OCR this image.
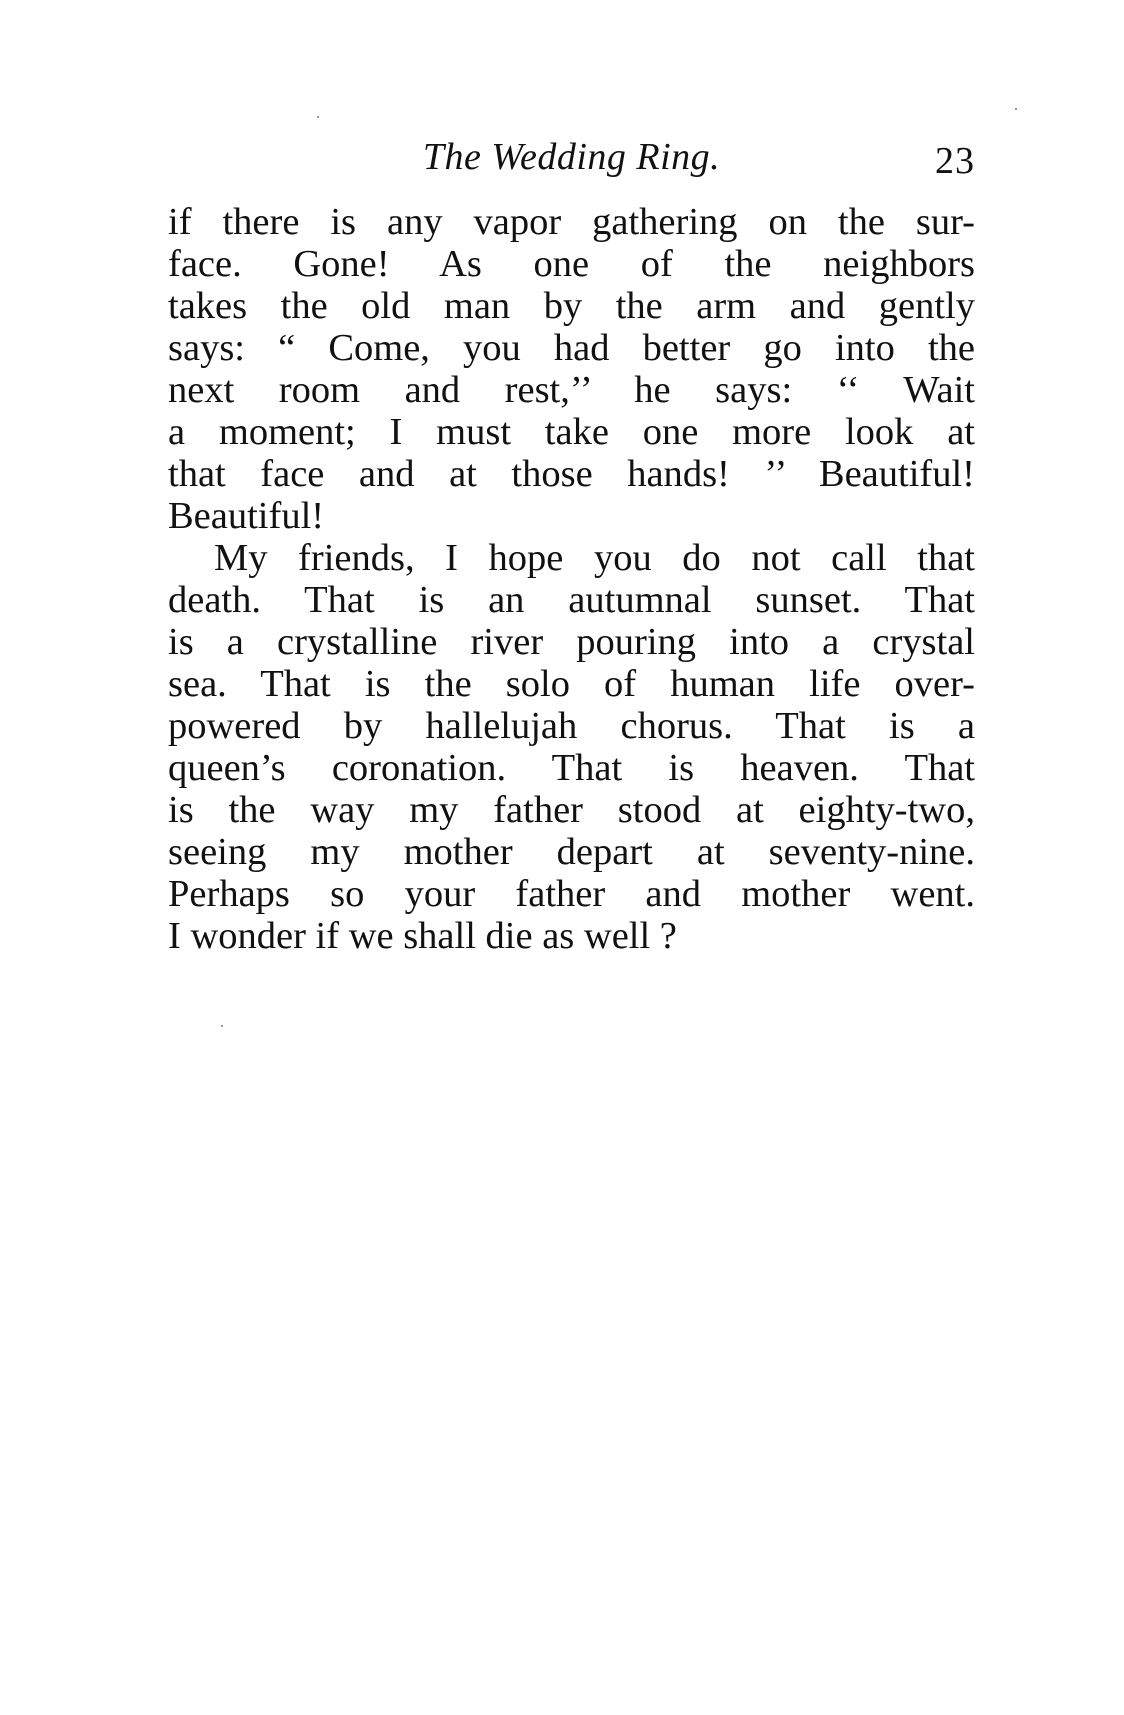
The Wedding Ring.	23
if there is any vapor gathering on the sur-
face. Gone! As one of the neighbors
takes the old man by the arm and gently
says: “ Come, you had better go into the
next room and rest,’’ he says: ‘‘ Wait
a moment; I must take one more look at
that face and at those hands! ’’ Beautiful!
Beautiful!
My friends, I hope you do not call that
death. That is an autumnal sunset. That
is a crystalline river pouring into a crystal
sea. That is the solo of human life over-
powered by hallelujah chorus. That is a
queen’s coronation. That is heaven. That
is the way my father stood at eighty-two,
seeing my mother depart at seventy-nine.
Perhaps so your father and mother went.
I wonder if we shall die as well ?
